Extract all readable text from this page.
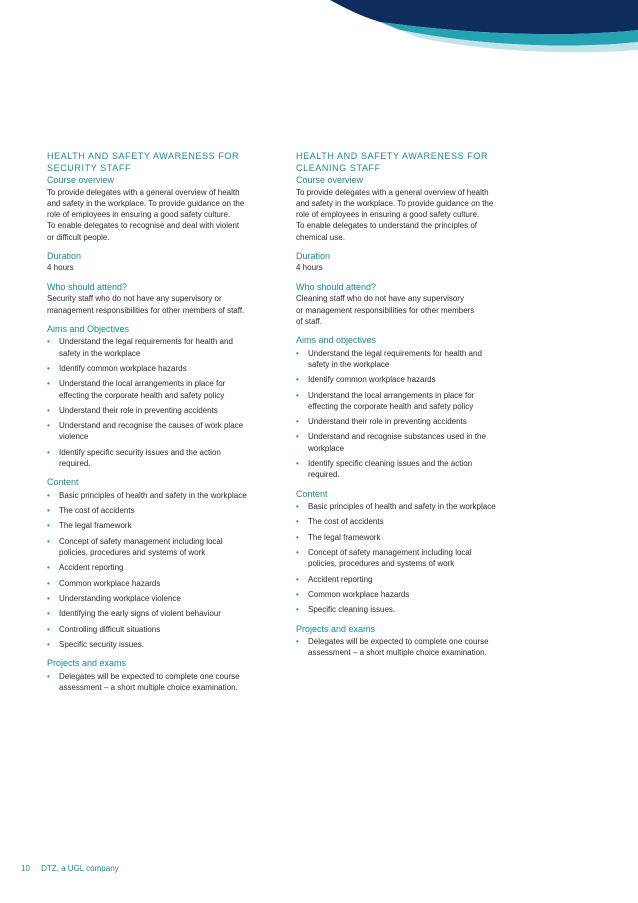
HEALTH AND SAFETY AWARENESS FOR
SECURITY STAFF

Course overview

To provide delegates with a general overview of health
and safety in the workplace. To provide guidance on the
role of employees in ensuring a good safety culture.
To enable delegates to recognise and deal with violent
or difficult people.

Duration

4 hours

Who should attend?

Security staff who do not have any supervisory or
management responsibilities for other members of staff.

Aims and Objectives

• Understand the legal requirements for health and
safety in the workplace
• Identify common workplace hazards
• Understand the local arrangements in place for
effecting the corporate health and safety policy
• Understand their role in preventing accidents
• Understand and recognise the causes of work place
violence
• Identify specific security issues and the action
required.

Content

• Basic principles of health and safety in the workplace
• The cost of accidents
• The legal framework
• Concept of safety management including local
policies, procedures and systems of work
• Accident reporting
• Common workplace hazards
• Understanding workplace violence
• Identifying the early signs of violent behaviour
• Controlling difficult situations
• Specific security issues.

Projects and exams

• Delegates will be expected to complete one course
assessment – a short multiple choice examination.

HEALTH AND SAFETY AWARENESS FOR
CLEANING STAFF

Course overview

To provide delegates with a general overview of health
and safety in the workplace. To provide guidance on the
role of employees in ensuring a good safety culture.
To enable delegates to understand the principles of
chemical use.

Duration

4 hours

Who should attend?

Cleaning staff who do not have any supervisory
or management responsibilities for other members
of staff.

Aims and objectives

• Understand the legal requirements for health and
safety in the workplace
• Identify common workplace hazards
• Understand the local arrangements in place for
effecting the corporate health and safety policy
• Understand their role in preventing accidents
• Understand and recognise substances used in the
workplace
• Identify specific cleaning issues and the action
required.

Content

• Basic principles of health and safety in the workplace
• The cost of accidents
• The legal framework
• Concept of safety management including local
policies, procedures and systems of work
• Accident reporting
• Common workplace hazards
• Specific cleaning issues.

Projects and exams

• Delegates will be expected to complete one course
assessment – a short multiple choice examination.
10 DTZ, a UGL company
